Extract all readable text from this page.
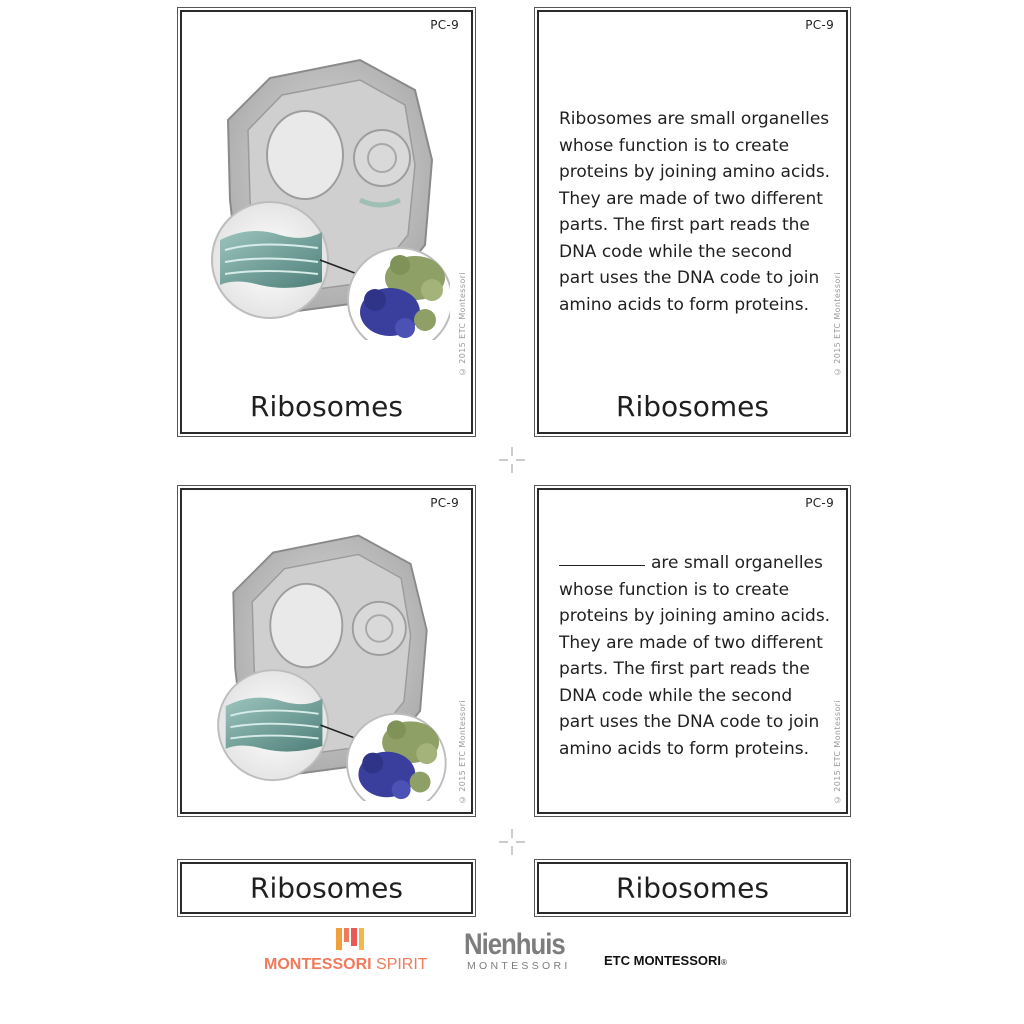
PC-9
© 2015 ETC Montessori
Ribosomes
PC-9

Ribosomes are small organelles
whose function is to create
proteins by joining amino acids.
They are made of two different
parts. The first part reads the
DNA code while the second
part uses the DNA code to join
amino acids to form proteins.	© 2015 ETC Montessori
Ribosomes
PC-9
© 2015 ETC Montessori
PC-9

are small organelles
whose function is to create
proteins by joining amino acids.
They are made of two different
parts. The first part reads the
DNA code while the second
part uses the DNA code to join
amino acids to form proteins.	© 2015 ETC Montessori
Ribosomes	Ribosomes
MONTESSORI SPIRIT
Nienhuis
MONTESSORI	ETC MONTESSORI®
